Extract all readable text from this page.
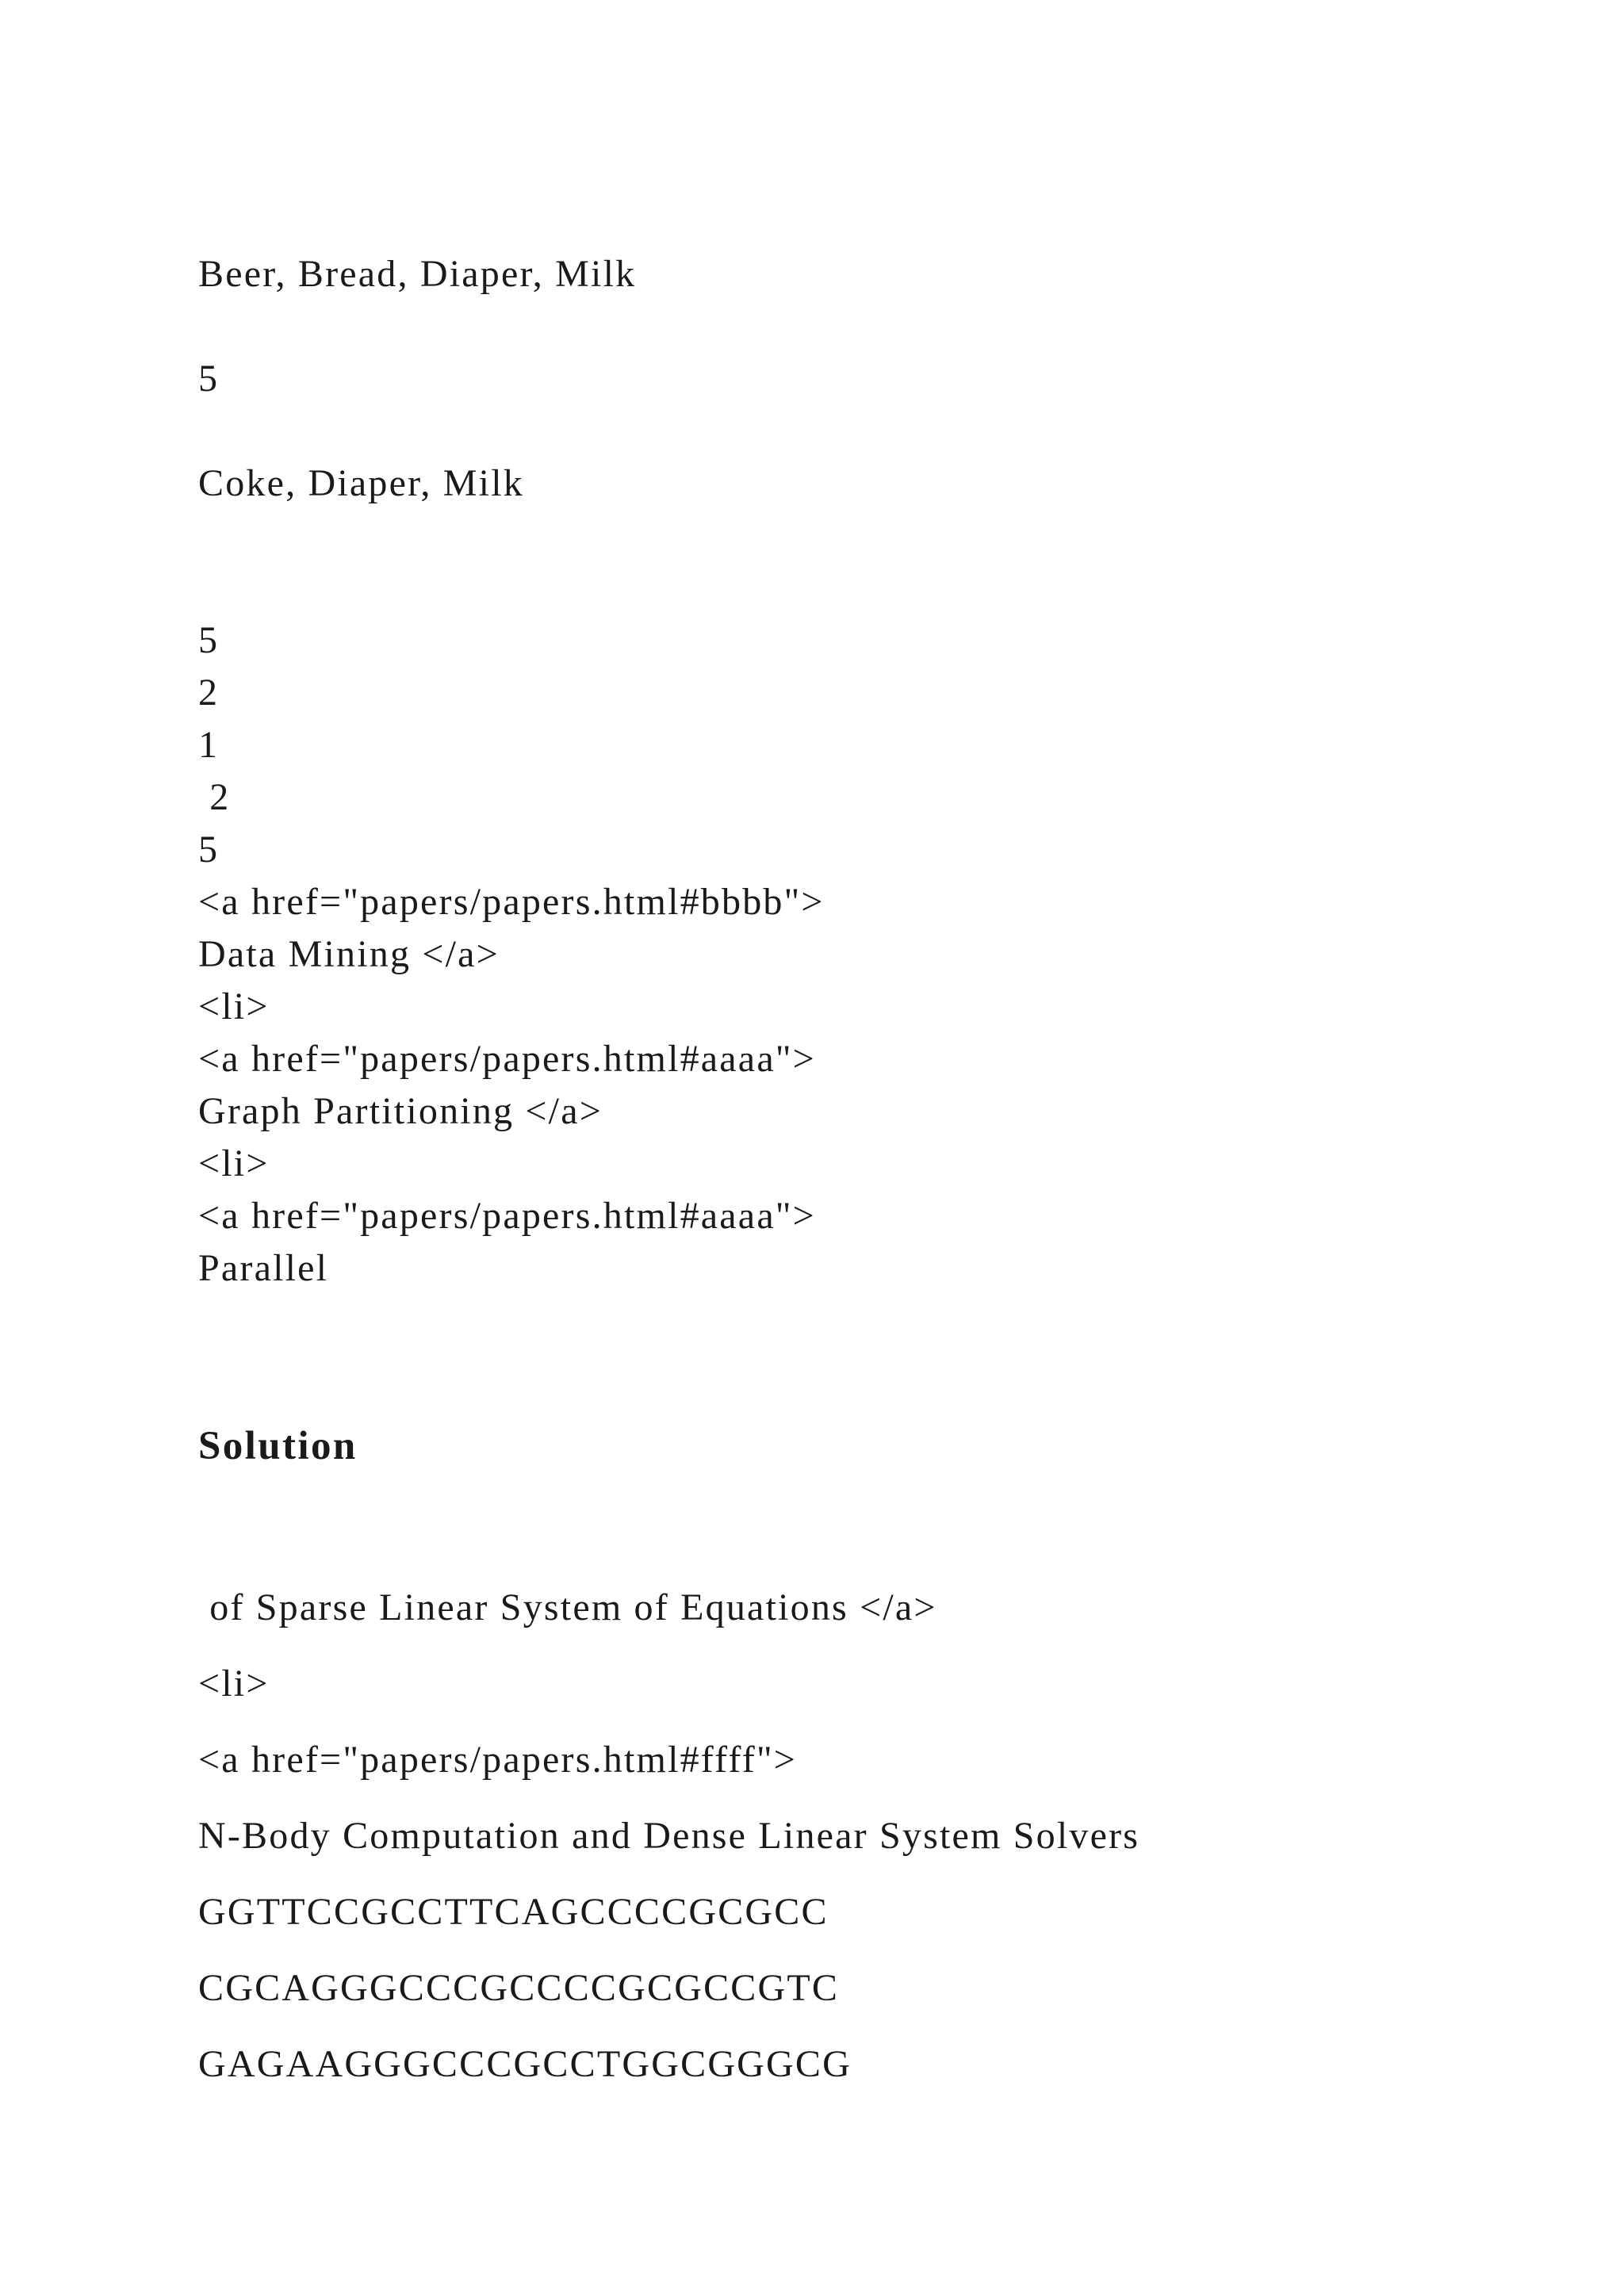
Beer, Bread, Diaper, Milk

5

Coke, Diaper, Milk

5

2

1

2

5

<a href="papers/papers.html#bbbb">

Data Mining </a>

<li>

<a href="papers/papers.html#aaaa">

Graph Partitioning </a>

<li>

<a href="papers/papers.html#aaaa">

Parallel

Solution

of Sparse Linear System of Equations </a>

<li>

<a href="papers/papers.html#ffff">

N-Body Computation and Dense Linear System Solvers

GGTTCCGCCTTCAGCCCCGCGCC

CGCAGGGCCCGCCCCGCGCCGTC

GAGAAGGGCCCGCCTGGCGGGCG
